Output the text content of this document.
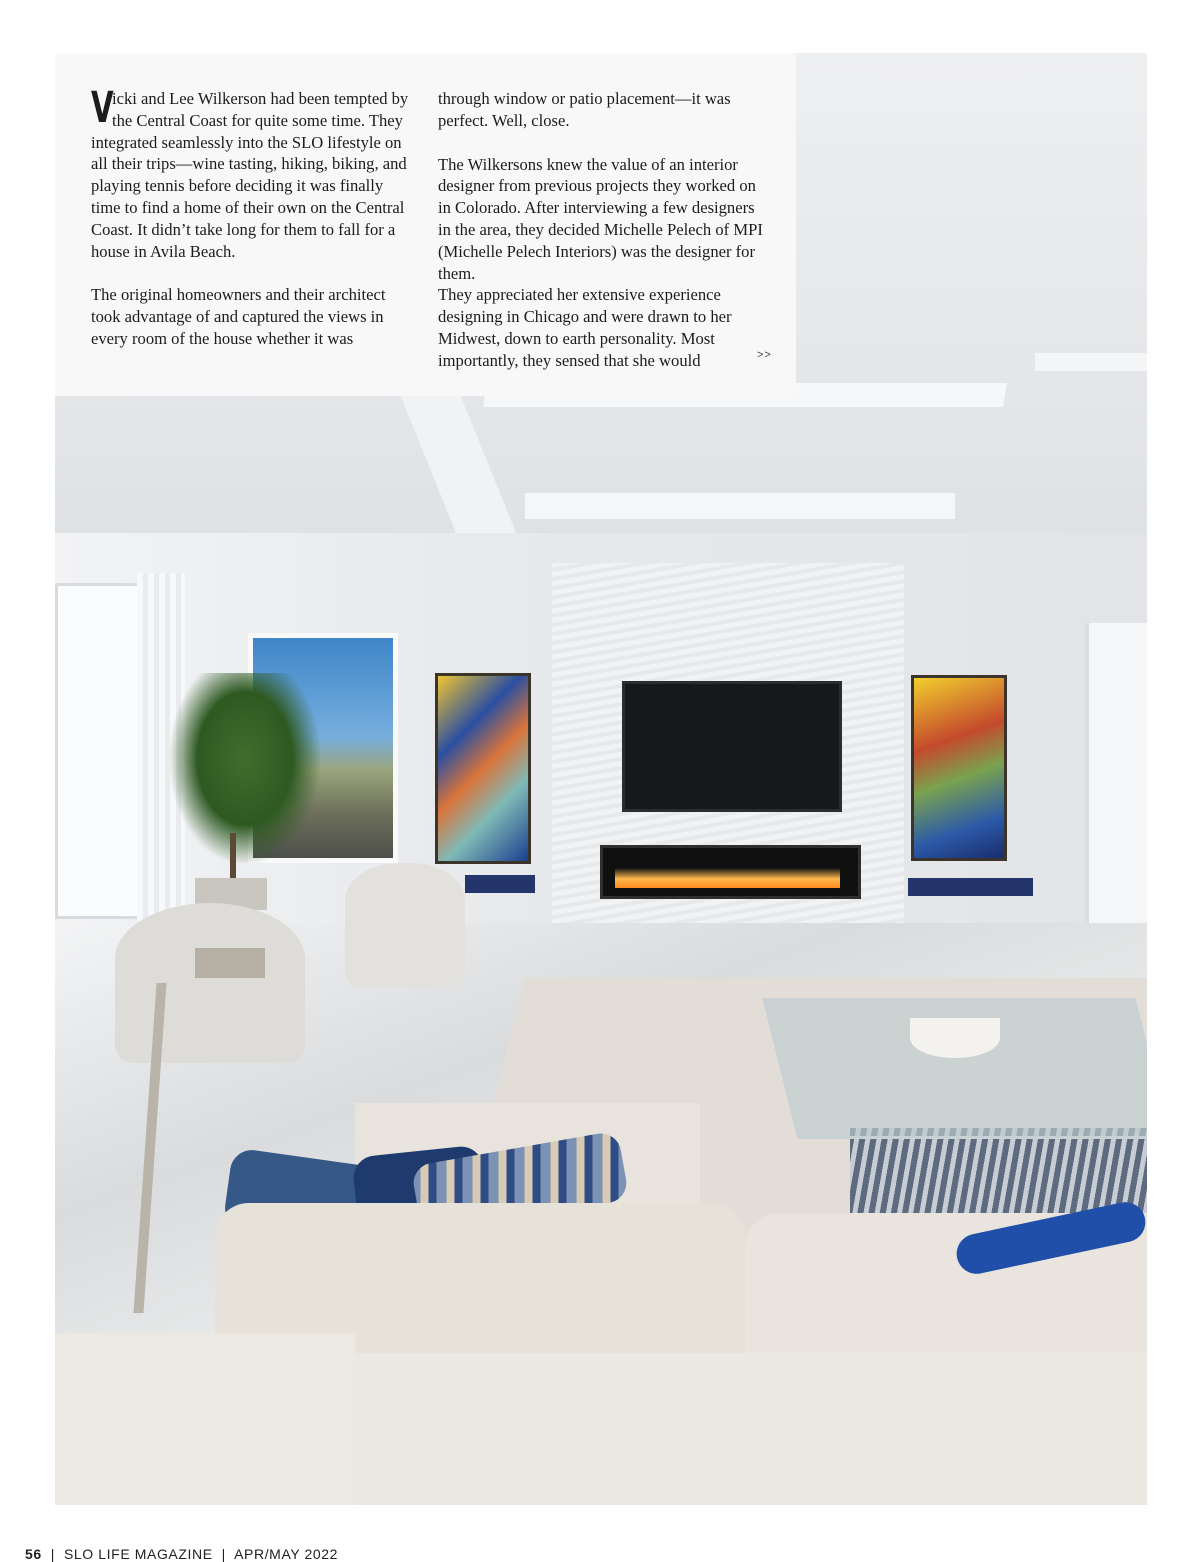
V
icki and Lee Wilkerson had been tempted by the Central Coast for quite some time. They integrated seamlessly into the SLO lifestyle on all their trips—wine tasting, hiking, biking, and playing tennis before deciding it was finally time to find a home of their own on the Central Coast. It didn’t take long for them to fall for a house in Avila Beach.

The original homeowners and their architect took advantage of and captured the views in every room of the house whether it was

through window or patio placement—it was perfect. Well, close.

The Wilkersons knew the value of an interior designer from previous projects they worked on in Colorado. After interviewing a few designers in the area, they decided Michelle Pelech of MPI (Michelle Pelech Interiors) was the designer for them.

They appreciated her extensive experience designing in Chicago and were drawn to her Midwest, down to earth personality. Most importantly, they sensed that she would	>>
56  |  SLO LIFE MAGAZINE  |  APR/MAY 2022
